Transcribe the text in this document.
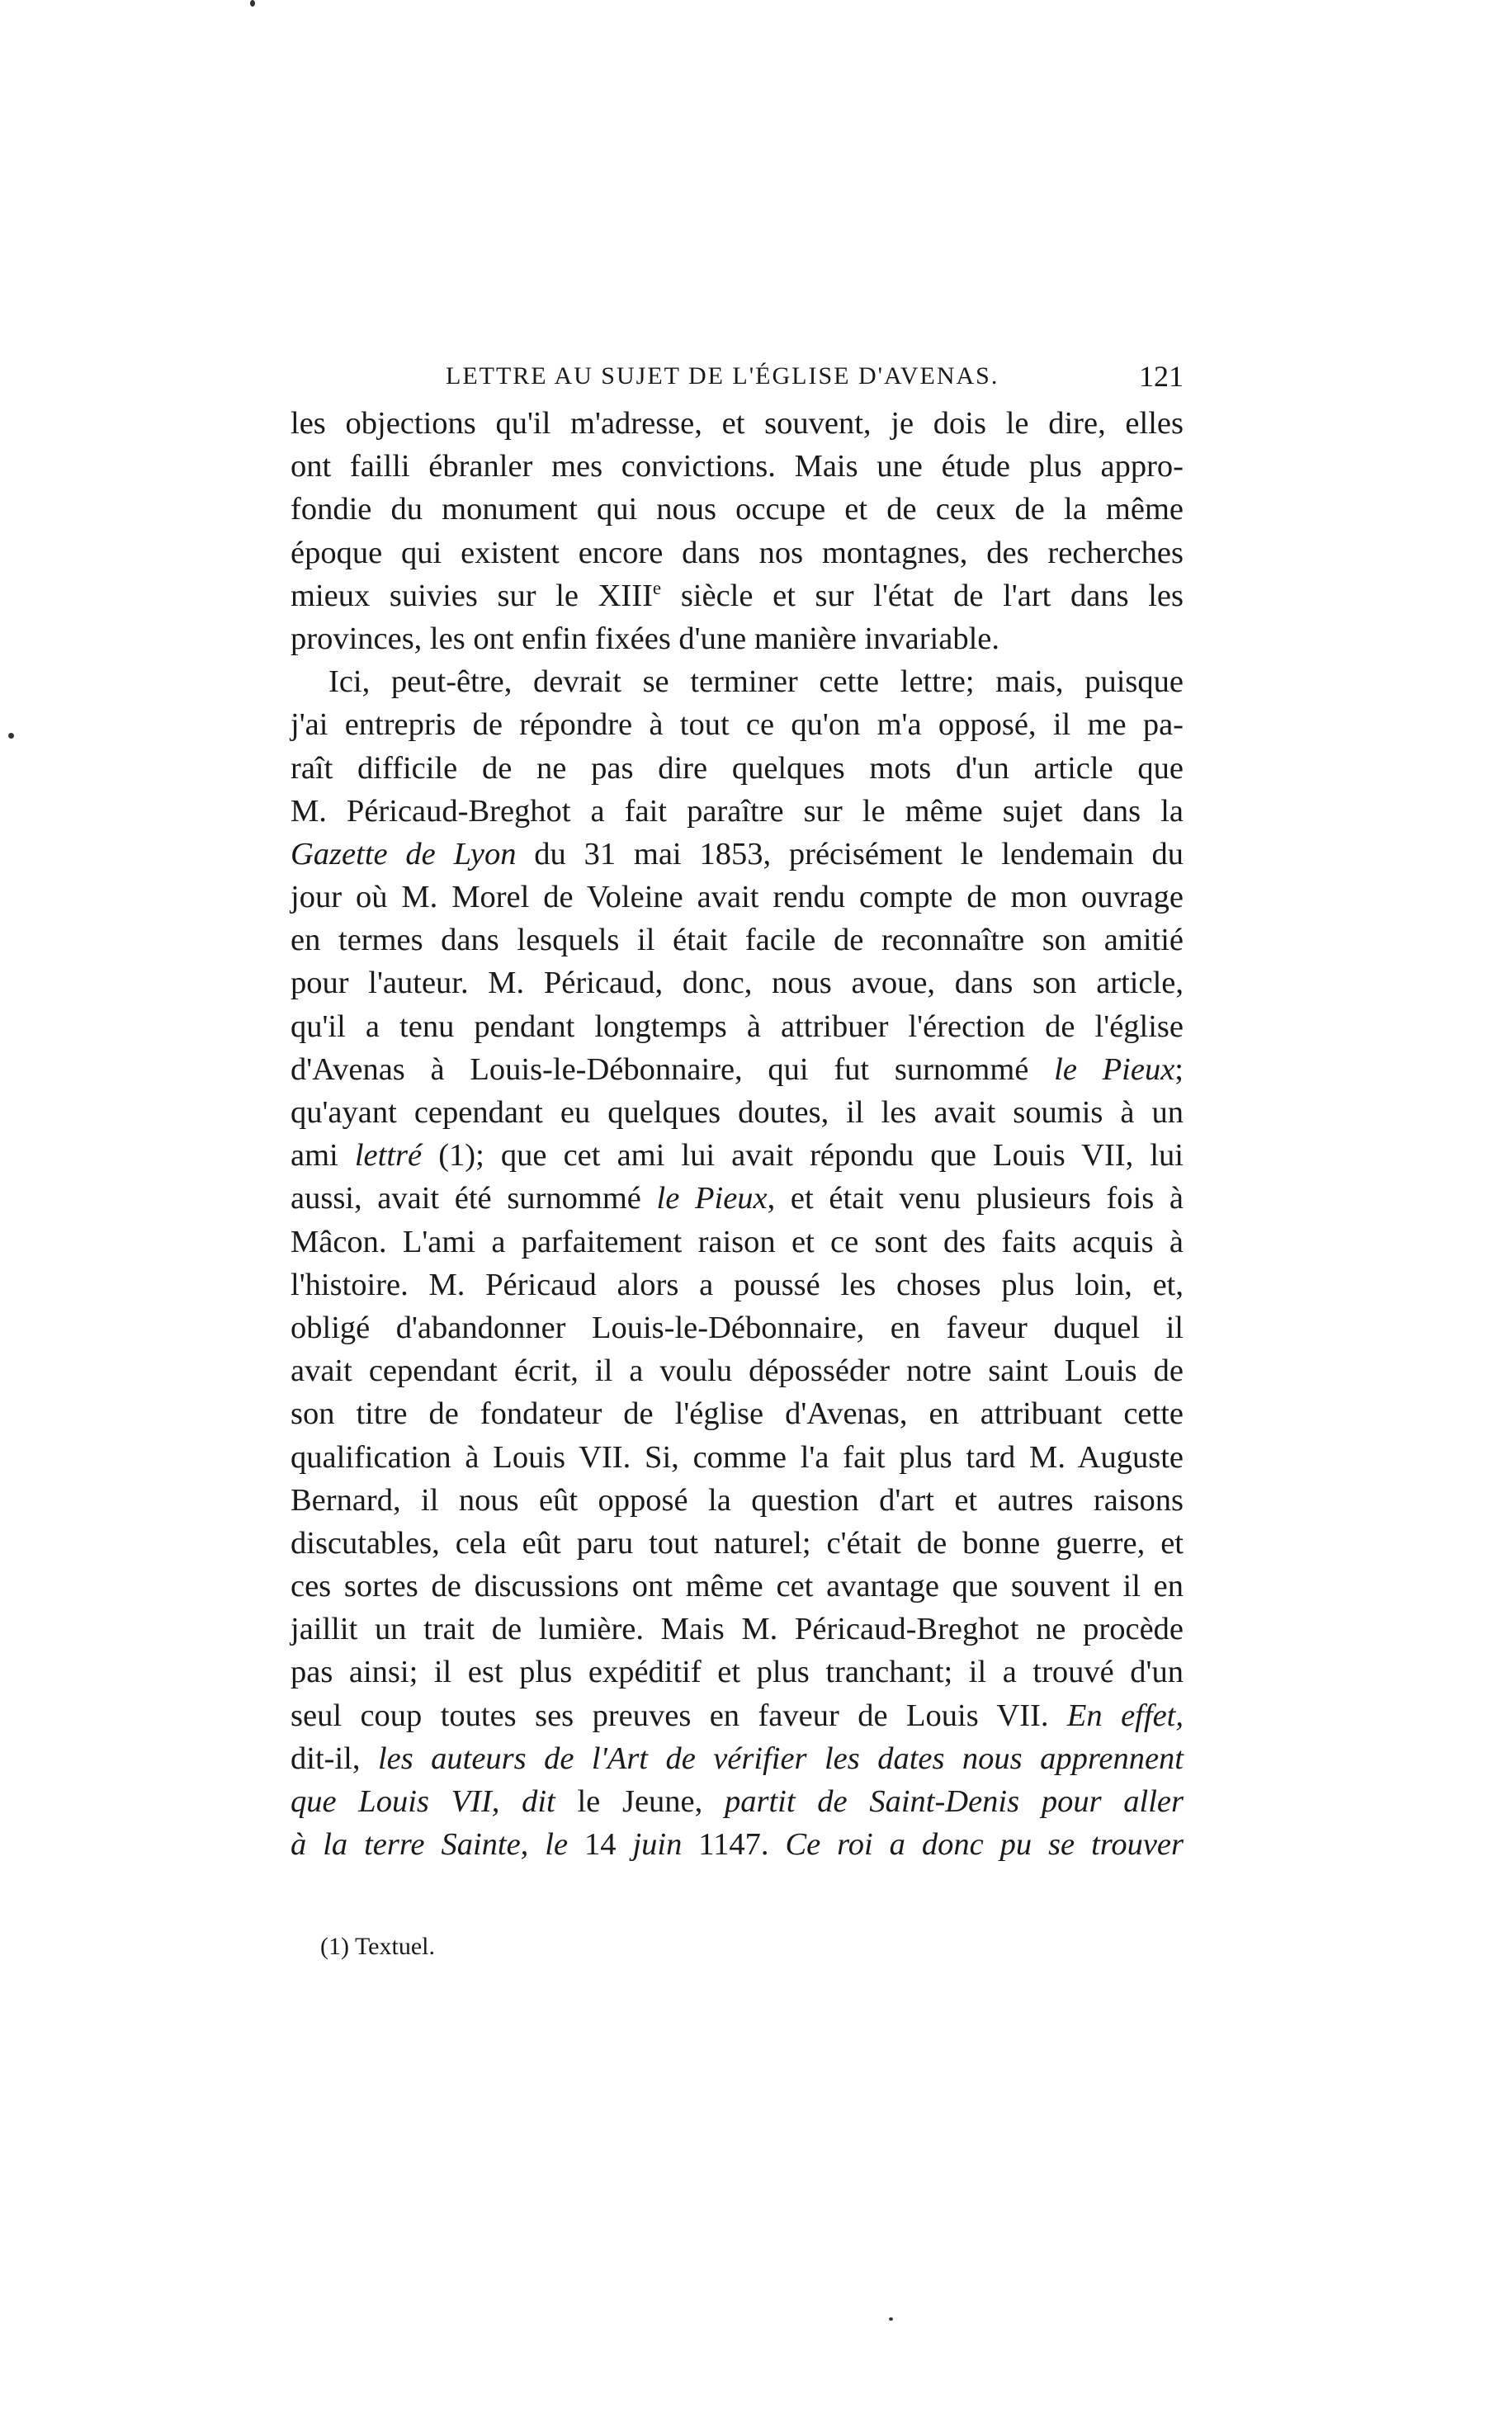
LETTRE AU SUJET DE L'ÉGLISE D'AVENAS.	121
les objections qu'il m'adresse, et souvent, je dois le dire, elles
ont failli ébranler mes convictions. Mais une étude plus appro-
fondie du monument qui nous occupe et de ceux de la même
époque qui existent encore dans nos montagnes, des recherches
mieux suivies sur le XIIIe siècle et sur l'état de l'art dans les
provinces, les ont enfin fixées d'une manière invariable.
Ici, peut-être, devrait se terminer cette lettre; mais, puisque
j'ai entrepris de répondre à tout ce qu'on m'a opposé, il me pa-
raît difficile de ne pas dire quelques mots d'un article que
M. Péricaud-Breghot a fait paraître sur le même sujet dans la
Gazette de Lyon du 31 mai 1853, précisément le lendemain du
jour où M. Morel de Voleine avait rendu compte de mon ouvrage
en termes dans lesquels il était facile de reconnaître son amitié
pour l'auteur. M. Péricaud, donc, nous avoue, dans son article,
qu'il a tenu pendant longtemps à attribuer l'érection de l'église
d'Avenas à Louis-le-Débonnaire, qui fut surnommé le Pieux;
qu'ayant cependant eu quelques doutes, il les avait soumis à un
ami lettré (1); que cet ami lui avait répondu que Louis VII, lui
aussi, avait été surnommé le Pieux, et était venu plusieurs fois à
Mâcon. L'ami a parfaitement raison et ce sont des faits acquis à
l'histoire. M. Péricaud alors a poussé les choses plus loin, et,
obligé d'abandonner Louis-le-Débonnaire, en faveur duquel il
avait cependant écrit, il a voulu déposséder notre saint Louis de
son titre de fondateur de l'église d'Avenas, en attribuant cette
qualification à Louis VII. Si, comme l'a fait plus tard M. Auguste
Bernard, il nous eût opposé la question d'art et autres raisons
discutables, cela eût paru tout naturel; c'était de bonne guerre, et
ces sortes de discussions ont même cet avantage que souvent il en
jaillit un trait de lumière. Mais M. Péricaud-Breghot ne procède
pas ainsi; il est plus expéditif et plus tranchant; il a trouvé d'un
seul coup toutes ses preuves en faveur de Louis VII. En effet,
dit-il, les auteurs de l'Art de vérifier les dates nous apprennent
que Louis VII, dit le Jeune, partit de Saint-Denis pour aller
à la terre Sainte, le 14 juin 1147. Ce roi a donc pu se trouver
(1) Textuel.
